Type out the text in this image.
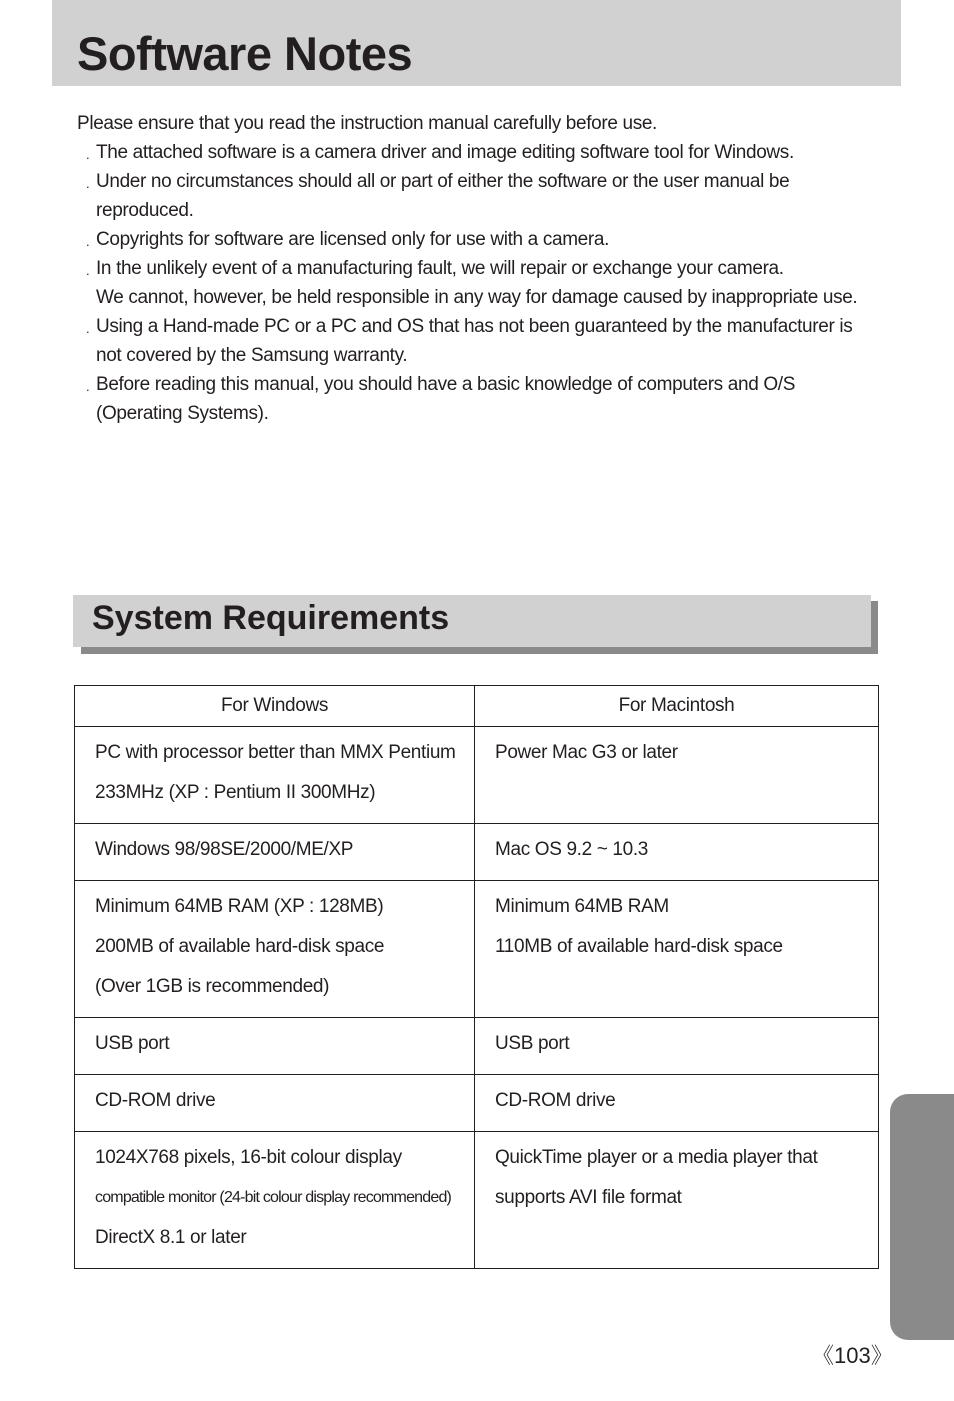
Software Notes

Please ensure that you read the instruction manual carefully before use.

. The attached software is a camera driver and image editing software tool for Windows.
. Under no circumstances should all or part of either the software or the user manual be
reproduced.
. Copyrights for software are licensed only for use with a camera.
. In the unlikely event of a manufacturing fault, we will repair or exchange your camera.
We cannot, however, be held responsible in any way for damage caused by inappropriate use.
. Using a Hand-made PC or a PC and OS that has not been guaranteed by the manufacturer is
not covered by the Samsung warranty.
. Before reading this manual, you should have a basic knowledge of computers and O/S
(Operating Systems).
System Requirements
For Windows	For Macintosh

PC with processor better than MMX Pentium
233MHz (XP : Pentium II 300MHz)	Power Mac G3 or later

Windows 98/98SE/2000/ME/XP	Mac OS 9.2 ~ 10.3

Minimum 64MB RAM (XP : 128MB)
200MB of available hard-disk space
(Over 1GB is recommended)	Minimum 64MB RAM
110MB of available hard-disk space

USB port	USB port

CD-ROM drive	CD-ROM drive

1024X768 pixels, 16-bit colour display
compatible monitor (24-bit colour display recommended)
DirectX 8.1 or later	QuickTime player or a media player that
supports AVI file format
《103》
